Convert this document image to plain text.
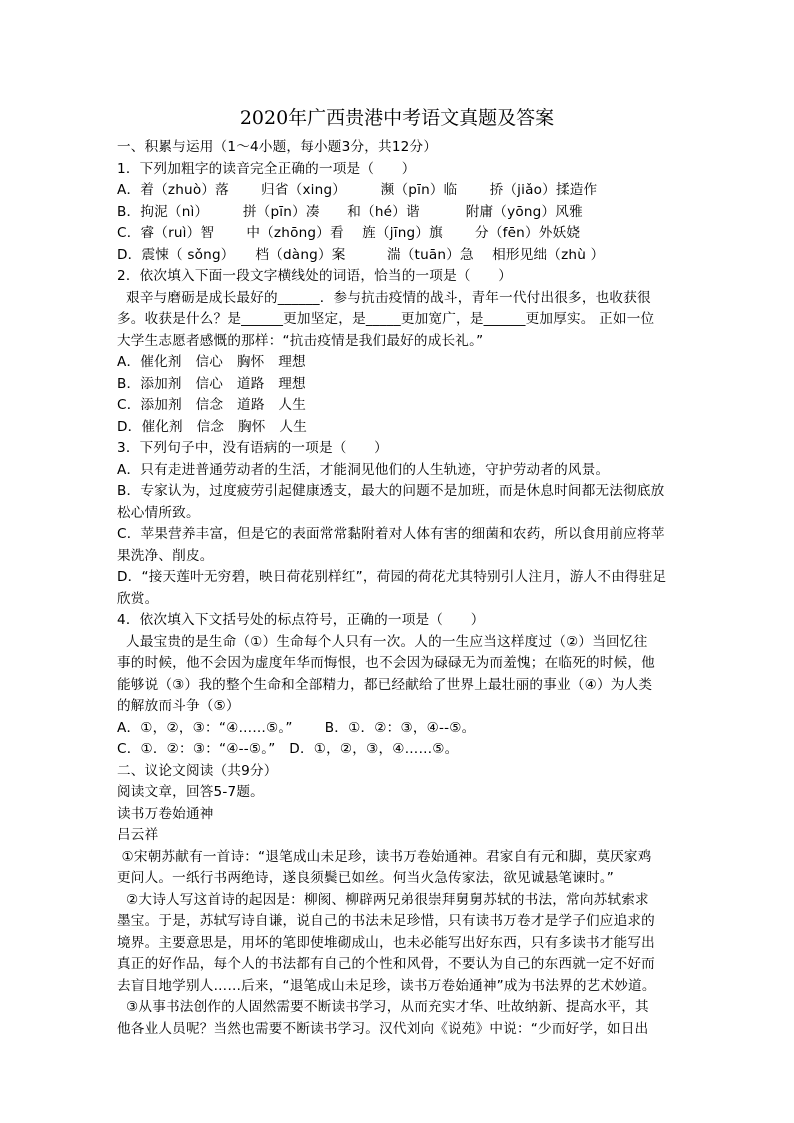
2020年广西贵港中考语文真题及答案
一、积累与运用（1～4小题，每小题3分，共12分）
1．下列加粗字的读音完全正确的一项是（　　）
A．着（zhuò）落　　 归省（xing）　　　濒（pīn）临　　 挢（jiǎo）揉造作
B．拘泥（nì）　　　拼（pīn）凑　　和（hé）谐　　　 附庸（yōng）风雅
C．睿（ruì）智　　 中（zhōng）看　 旌（jīng）旗　　 分（fēn）外妖娆
D．震悚（ sǒng）　　档（dàng）案　　　湍（tuān）急　 相形见绌（zhù ）
2．依次填入下面一段文字横线处的词语，恰当的一项是（　　）
艰辛与磨砺是成长最好的______．参与抗击疫情的战斗，青年一代付出很多，也收获很
多。收获是什么？是______更加坚定，是_____更加宽广，是______更加厚实。 正如一位
大学生志愿者感慨的那样：“抗击疫情是我们最好的成长礼。”
A．催化剂　信心　胸怀　理想
B．添加剂　信心　道路　理想
C．添加剂　信念　道路　人生
D．催化剂　信念　胸怀　人生
3．下列句子中，没有语病的一项是（　　）
A．只有走进普通劳动者的生活，才能洞见他们的人生轨迹，守护劳动者的风景。
B．专家认为，过度疲劳引起健康透支，最大的问题不是加班，而是休息时间都无法彻底放
松心情所致。
C．苹果营养丰富，但是它的表面常常黏附着对人体有害的细菌和农药，所以食用前应将苹
果洗净、削皮。
D．“接天莲叶无穷碧，映日荷花别样红”，荷园的荷花尤其特别引人注月，游人不由得驻足
欣赏。
4．依次填入下文括号处的标点符号，正确的一项是（　　）
人最宝贵的是生命（①）生命每个人只有一次。人的一生应当这样度过（②）当回忆往
事的时候，他不会因为虚度年华而悔恨，也不会因为碌碌无为而羞愧；在临死的时候，他
能够说（③）我的整个生命和全部精力，都已经献给了世界上最壮丽的事业（④）为人类
的解放而斗争（⑤）
A．①，②，③：“④……⑤。”　　 B．①．②：③，④--⑤。
C．①．②：③：“④--⑤。”　D．①，②，③，④……⑤。
二、议论文阅读（共9分）
阅读文章，回答5-7题。
读书万卷始通神
吕云祥
①宋朝苏献有一首诗：“退笔成山未足珍，读书万卷始通神。君家自有元和脚，莫厌家鸡
更问人。一纸行书两绝诗，遂良须鬓已如丝。何当火急传家法，欲见诚悬笔谏时。”
②大诗人写这首诗的起因是：柳阂、柳辟两兄弟很崇拜舅舅苏轼的书法，常向苏轼索求
墨宝。于是，苏轼写诗自谦，说自己的书法未足珍惜，只有读书万卷才是学子们应追求的
境界。主要意思是，用坏的笔即使堆砌成山，也未必能写出好东西，只有多读书才能写出
真正的好作品，每个人的书法都有自己的个性和风骨，不要认为自己的东西就一定不好而
去盲目地学别人……后来，“退笔成山未足珍，读书万卷始通神”成为书法界的艺术妙道。
③从事书法创作的人固然需要不断读书学习，从而充实才华、吐故纳新、提高水平，其
他各业人员呢？当然也需要不断读书学习。汉代刘向《说苑》中说：“少而好学，如日出
